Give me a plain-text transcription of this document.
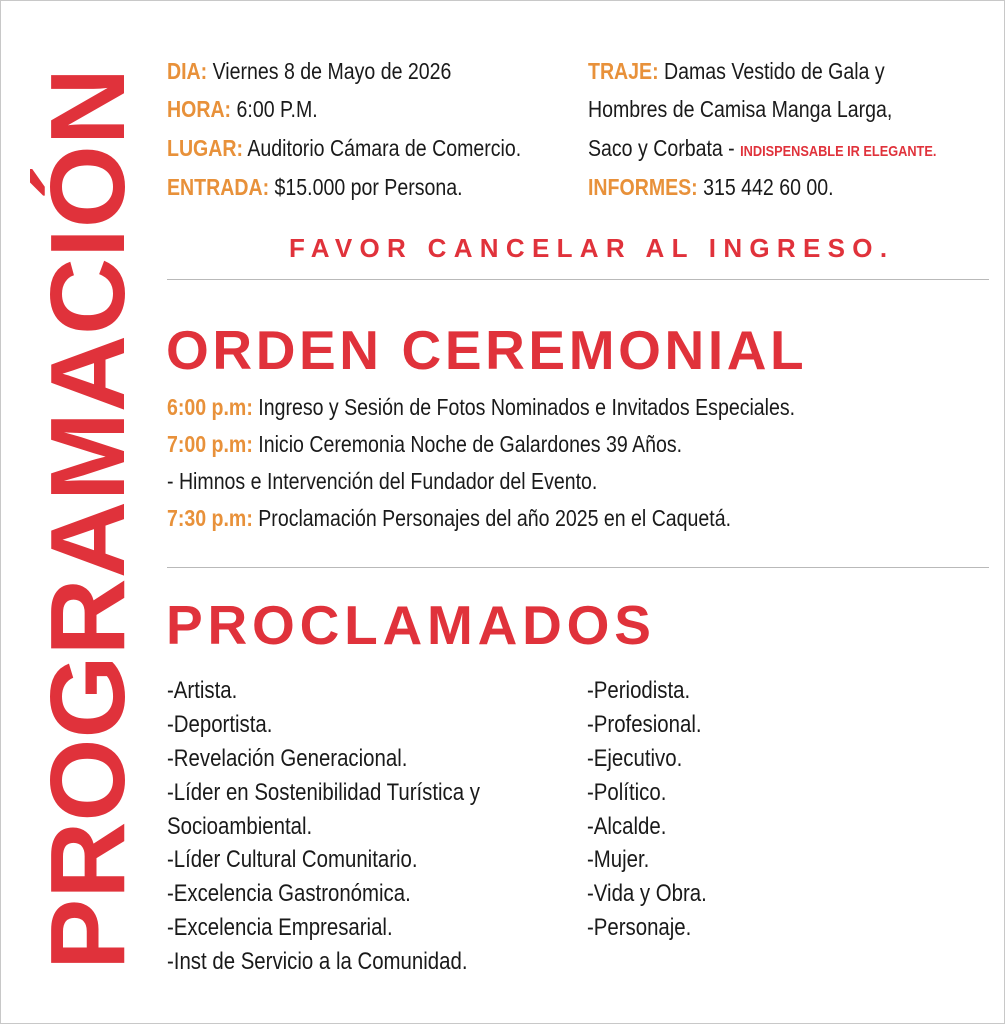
PROGRAMACIÓN
DIA: Viernes 8 de Mayo de 2026
HORA: 6:00 P.M.
LUGAR: Auditorio Cámara de Comercio.
ENTRADA: $15.000 por Persona.
TRAJE: Damas Vestido de Gala y
Hombres de Camisa Manga Larga,
Saco y Corbata - INDISPENSABLE IR ELEGANTE.
INFORMES: 315 442 60 00.
FAVOR CANCELAR AL INGRESO.
ORDEN CEREMONIAL
6:00 p.m: Ingreso y Sesión de Fotos Nominados e Invitados Especiales.
7:00 p.m: Inicio Ceremonia Noche de Galardones 39 Años.
- Himnos e Intervención del Fundador del Evento.
7:30 p.m: Proclamación Personajes del año 2025 en el Caquetá.
PROCLAMADOS
-Artista.
-Deportista.
-Revelación Generacional.
-Líder en Sostenibilidad Turística y
Socioambiental.
-Líder Cultural Comunitario.
-Excelencia Gastronómica.
-Excelencia Empresarial.
-Inst de Servicio a la Comunidad.
-Periodista.
-Profesional.
-Ejecutivo.
-Político.
-Alcalde.
-Mujer.
-Vida y Obra.
-Personaje.
